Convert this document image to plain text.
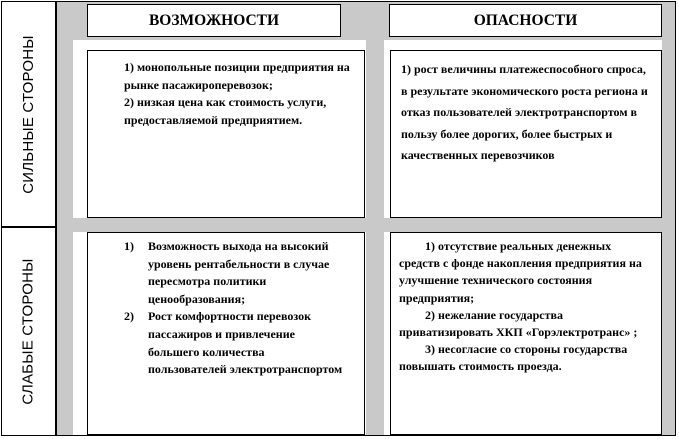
СИЛЬНЫЕ СТОРОНЫ
СЛАБЫЕ СТОРОНЫ
ВОЗМОЖНОСТИ	ОПАСНОСТИ

1) монопольные позиции предприятия на рынке пасажироперевозок;

2) низкая цена как стоимость услуги, предоставляемой предприятием.

1) рост величины платежеспособного спроса, в результате экономического роста региона и отказ пользователей электротранспортом в пользу более дорогих, более быстрых и качественных перевозчиков

1) Возможность выхода на высокий уровень рентабельности в случае пересмотра политики ценообразования;
2) Рост комфортности перевозок пассажиров и привлечение большего количества пользователей электротранспортом

1) отсутствие реальных денежных средств с фонде накопления предприятия на улучшение технического состояния предприятия;

2) нежелание государства приватизировать ХКП «Горэлектротранс» ;

3) несогласие со стороны государства повышать стоимость проезда.
